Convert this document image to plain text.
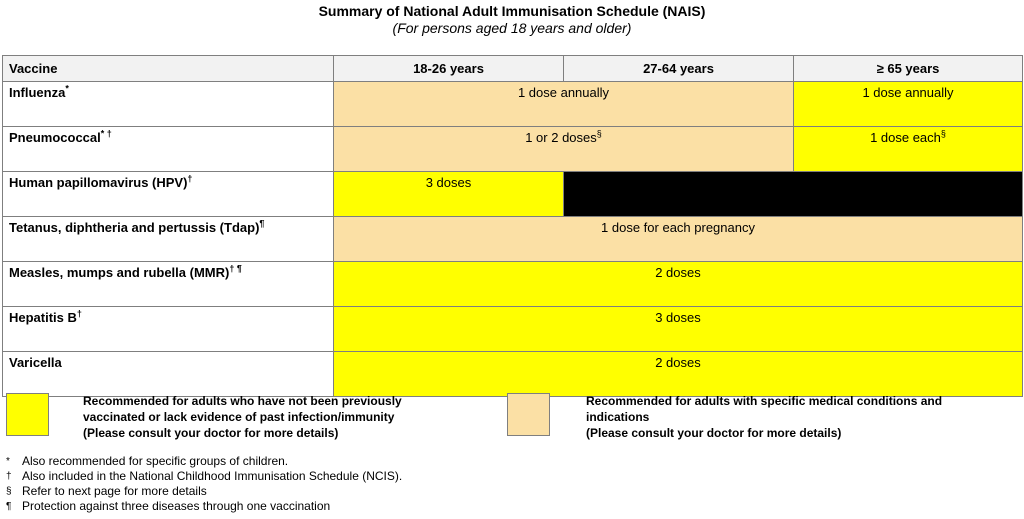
Summary of National Adult Immunisation Schedule (NAIS)
(For persons aged 18 years and older)
Vaccine	18-26 years	27-64 years	≥ 65 years
Influenza*	1 dose annually		1 dose annually
Pneumococcal* †	1 or 2 doses§		1 dose each§
Human papillomavirus (HPV)†	3 doses		
Tetanus, diphtheria and pertussis (Tdap)¶	1 dose for each pregnancy		
Measles, mumps and rubella (MMR)† ¶	2 doses		
Hepatitis B†	3 doses		
Varicella	2 doses		
Recommended for adults who have not been previously
vaccinated or lack evidence of past infection/immunity
(Please consult your doctor for more details)
Recommended for adults with specific medical conditions and
indications
(Please consult your doctor for more details)
* Also recommended for specific groups of children.
† Also included in the National Childhood Immunisation Schedule (NCIS).
§ Refer to next page for more details
¶ Protection against three diseases through one vaccination
